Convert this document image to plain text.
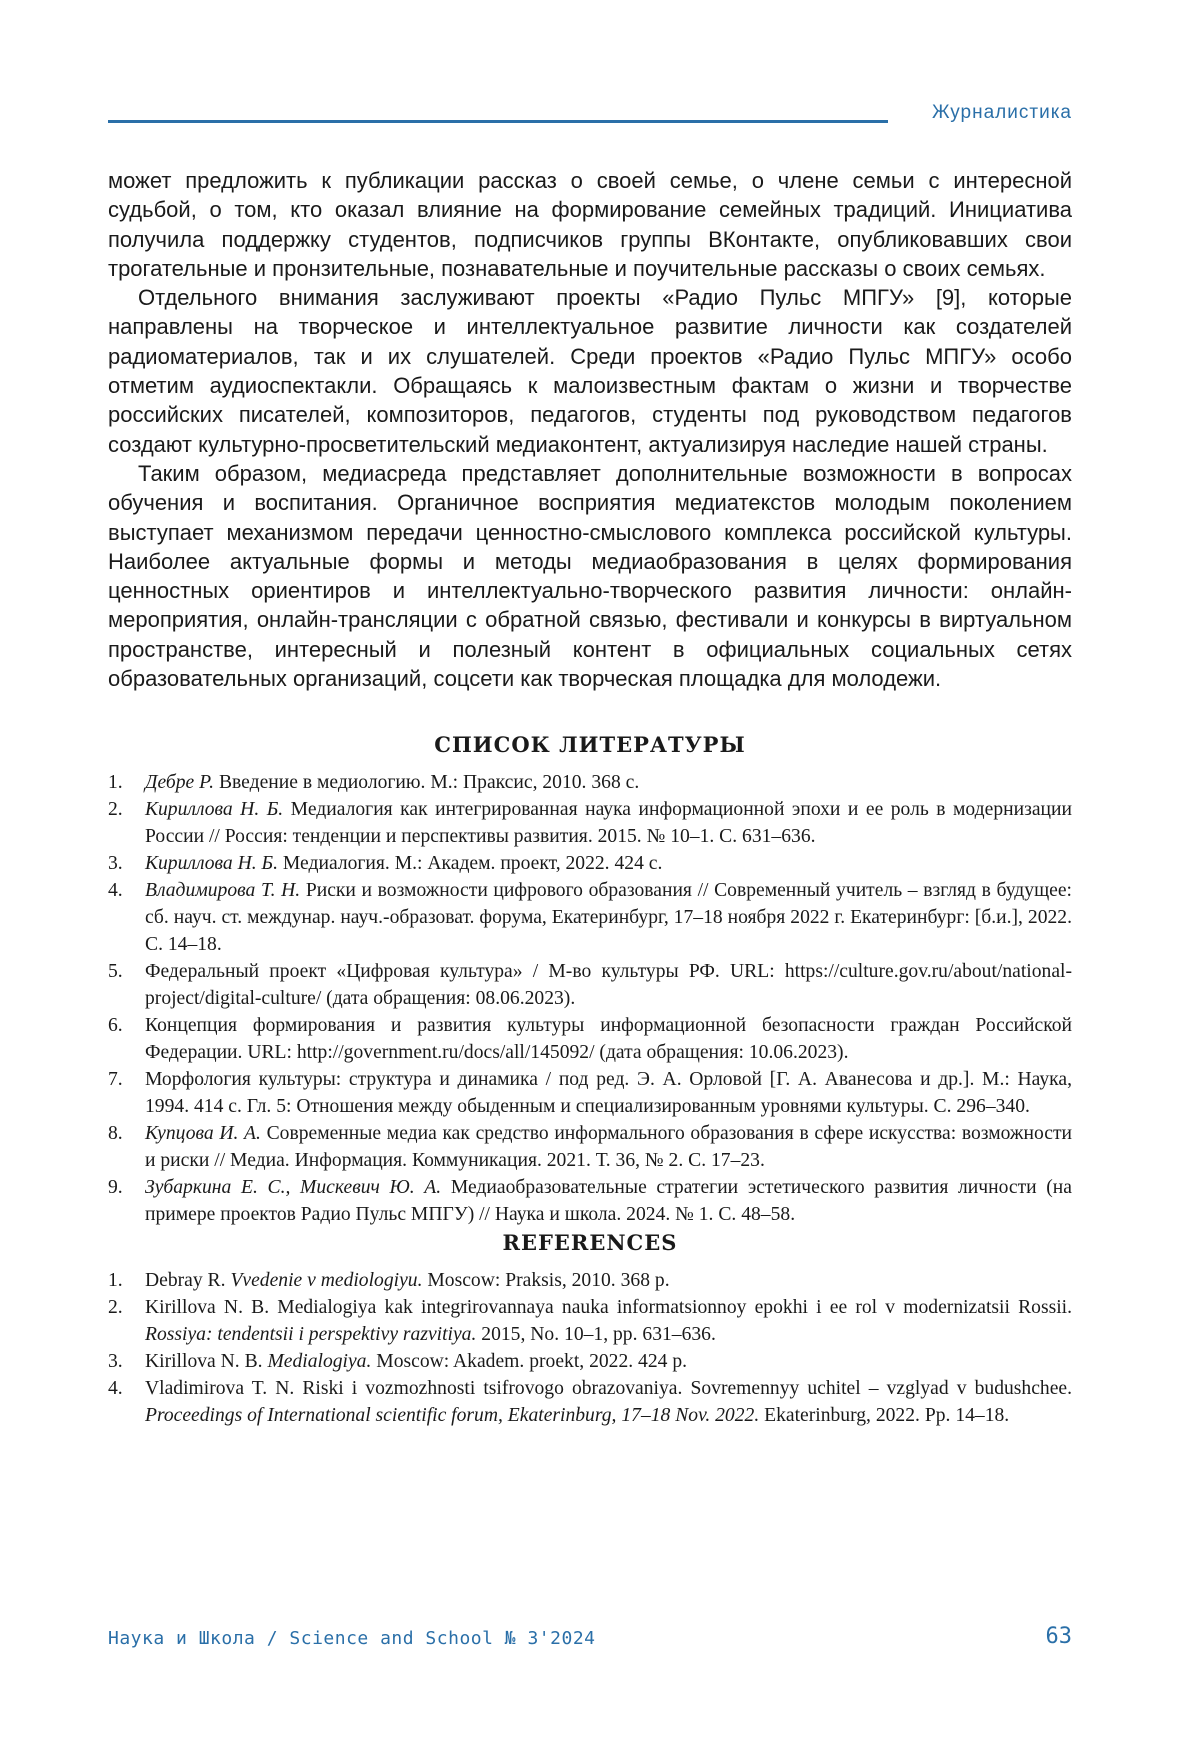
Журналистика

может предложить к публикации рассказ о своей семье, о члене семьи с интересной судьбой, о том, кто оказал влияние на формирование семейных традиций. Инициатива получила поддержку студентов, подписчиков группы ВКонтакте, опубликовавших свои трогательные и пронзительные, познавательные и поучительные рассказы о своих семьях.

Отдельного внимания заслуживают проекты «Радио Пульс МПГУ» [9], которые направлены на творческое и интеллектуальное развитие личности как создателей радиоматериалов, так и их слушателей. Среди проектов «Радио Пульс МПГУ» особо отметим аудиоспектакли. Обращаясь к малоизвестным фактам о жизни и творчестве российских писателей, композиторов, педагогов, студенты под руководством педагогов создают культурно-просветительский медиаконтент, актуализируя наследие нашей страны.

Таким образом, медиасреда представляет дополнительные возможности в вопросах обучения и воспитания. Органичное восприятия медиатекстов молодым поколением выступает механизмом передачи ценностно-смыслового комплекса российской культуры. Наиболее актуальные формы и методы медиаобразования в целях формирования ценностных ориентиров и интеллектуально-творческого развития личности: онлайн-мероприятия, онлайн-трансляции с обратной связью, фестивали и конкурсы в виртуальном пространстве, интересный и полезный контент в официальных социальных сетях образовательных организаций, соцсети как творческая площадка для молодежи.

СПИСОК ЛИТЕРАТУРЫ
1. Дебре Р. Введение в медиологию. М.: Праксис, 2010. 368 с.
2. Кириллова Н. Б. Медиалогия как интегрированная наука информационной эпохи и ее роль в модернизации России // Россия: тенденции и перспективы развития. 2015. № 10–1. С. 631–636.
3. Кириллова Н. Б. Медиалогия. М.: Академ. проект, 2022. 424 с.
4. Владимирова Т. Н. Риски и возможности цифрового образования // Современный учитель – взгляд в будущее: сб. науч. ст. междунар. науч.-образоват. форума, Екатеринбург, 17–18 ноября 2022 г. Екатеринбург: [б.и.], 2022. С. 14–18.
5. Федеральный проект «Цифровая культура» / М-во культуры РФ. URL: https://culture.gov.ru/about/national-project/digital-culture/ (дата обращения: 08.06.2023).
6. Концепция формирования и развития культуры информационной безопасности граждан Российской Федерации. URL: http://government.ru/docs/all/145092/ (дата обращения: 10.06.2023).
7. Морфология культуры: структура и динамика / под ред. Э. А. Орловой [Г. А. Аванесова и др.]. М.: Наука, 1994. 414 с. Гл. 5: Отношения между обыденным и специализированным уровнями культуры. С. 296–340.
8. Купцова И. А. Современные медиа как средство информального образования в сфере искусства: возможности и риски // Медиа. Информация. Коммуникация. 2021. Т. 36, № 2. С. 17–23.
9. Зубаркина Е. С., Мискевич Ю. А. Медиаобразовательные стратегии эстетического развития личности (на примере проектов Радио Пульс МПГУ) // Наука и школа. 2024. № 1. С. 48–58.
REFERENCES
1. Debray R. Vvedenie v mediologiyu. Moscow: Praksis, 2010. 368 p.
2. Kirillova N. B. Medialogiya kak integrirovannaya nauka informatsionnoy epokhi i ee rol v modernizatsii Rossii. Rossiya: tendentsii i perspektivy razvitiya. 2015, No. 10–1, pp. 631–636.
3. Kirillova N. B. Medialogiya. Moscow: Akadem. proekt, 2022. 424 p.
4. Vladimirova T. N. Riski i vozmozhnosti tsifrovogo obrazovaniya. Sovremennyy uchitel – vzglyad v budushchee. Proceedings of International scientific forum, Ekaterinburg, 17–18 Nov. 2022. Ekaterinburg, 2022. Pp. 14–18.
Наука и Школа / Science and School № 3'2024	63
